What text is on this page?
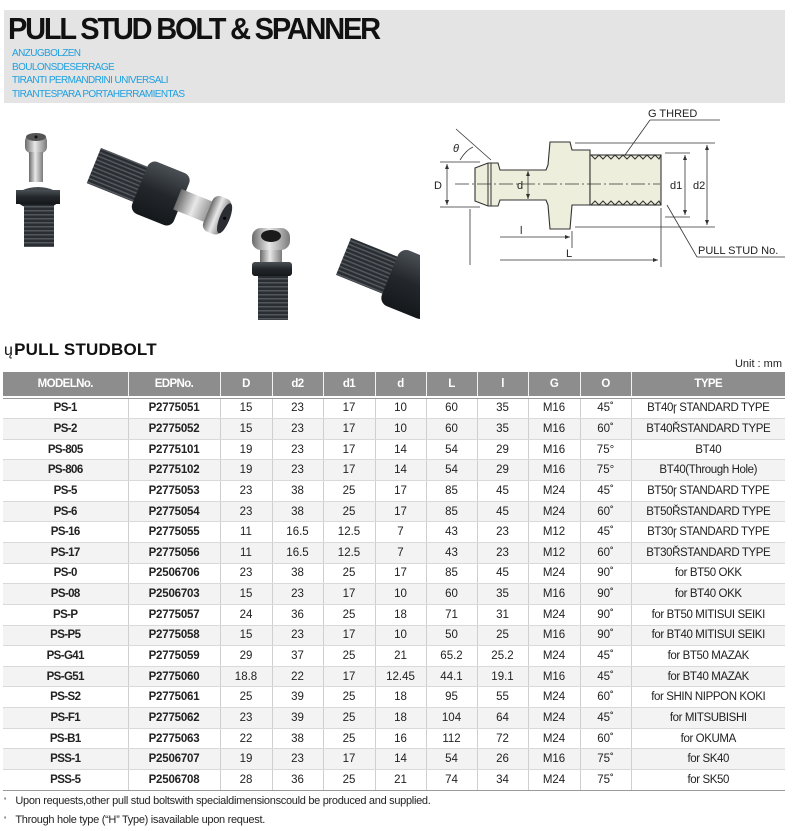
PULL STUD BOLT & SPANNER
ANZUGBOLZEN
BOULONSDESERRAGE
TIRANTI PERMANDRINI UNIVERSALI
TIRANTESPARA PORTAHERRAMIENTAS
G THRED
θ
D	d	d1 d2
l
L	PULL STUD No.
ųPULL STUDBOLT
Unit : mm
MODELNo.	EDPNo.	D	d2	d1	d	L	l	G	O	TYPE

PS-1	P2775051	15	23	17	10	60	35	M16	45˚	BT40ɼ STANDARD TYPE
PS-2	P2775052	15	23	17	10	60	35	M16	60˚	BT40ŘSTANDARD TYPE
PS-805	P2775101	19	23	17	14	54	29	M16	75°	BT40
PS-806	P2775102	19	23	17	14	54	29	M16	75°	BT40(Through Hole)
PS-5	P2775053	23	38	25	17	85	45	M24	45˚	BT50ɼ STANDARD TYPE
PS-6	P2775054	23	38	25	17	85	45	M24	60˚	BT50ŘSTANDARD TYPE
PS-16	P2775055	11	16.5	12.5	7	43	23	M12	45˚	BT30ɼ STANDARD TYPE
PS-17	P2775056	11	16.5	12.5	7	43	23	M12	60˚	BT30ŘSTANDARD TYPE
PS-0	P2506706	23	38	25	17	85	45	M24	90˚	for BT50 OKK
PS-08	P2506703	15	23	17	10	60	35	M16	90˚	for BT40 OKK
PS-P	P2775057	24	36	25	18	71	31	M24	90˚	for BT50 MITISUI SEIKI
PS-P5	P2775058	15	23	17	10	50	25	M16	90˚	for BT40 MITISUI SEIKI
PS-G41	P2775059	29	37	25	21	65.2	25.2	M24	45˚	for BT50 MAZAK
PS-G51	P2775060	18.8	22	17	12.45	44.1	19.1	M16	45˚	for BT40 MAZAK
PS-S2	P2775061	25	39	25	18	95	55	M24	60˚	for SHIN NIPPON KOKI
PS-F1	P2775062	23	39	25	18	104	64	M24	45˚	for MITSUBISHI
PS-B1	P2775063	22	38	25	16	112	72	M24	60˚	for OKUMA
PSS-1	P2506707	19	23	17	14	54	26	M16	75˚	for SK40
PSS-5	P2506708	28	36	25	21	74	34	M24	75˚	for SK50
˚ Upon requests,other pull stud boltswith specialdimensionscould be produced and supplied.
˚ Through hole type (“H” Type) isavailable upon request.
